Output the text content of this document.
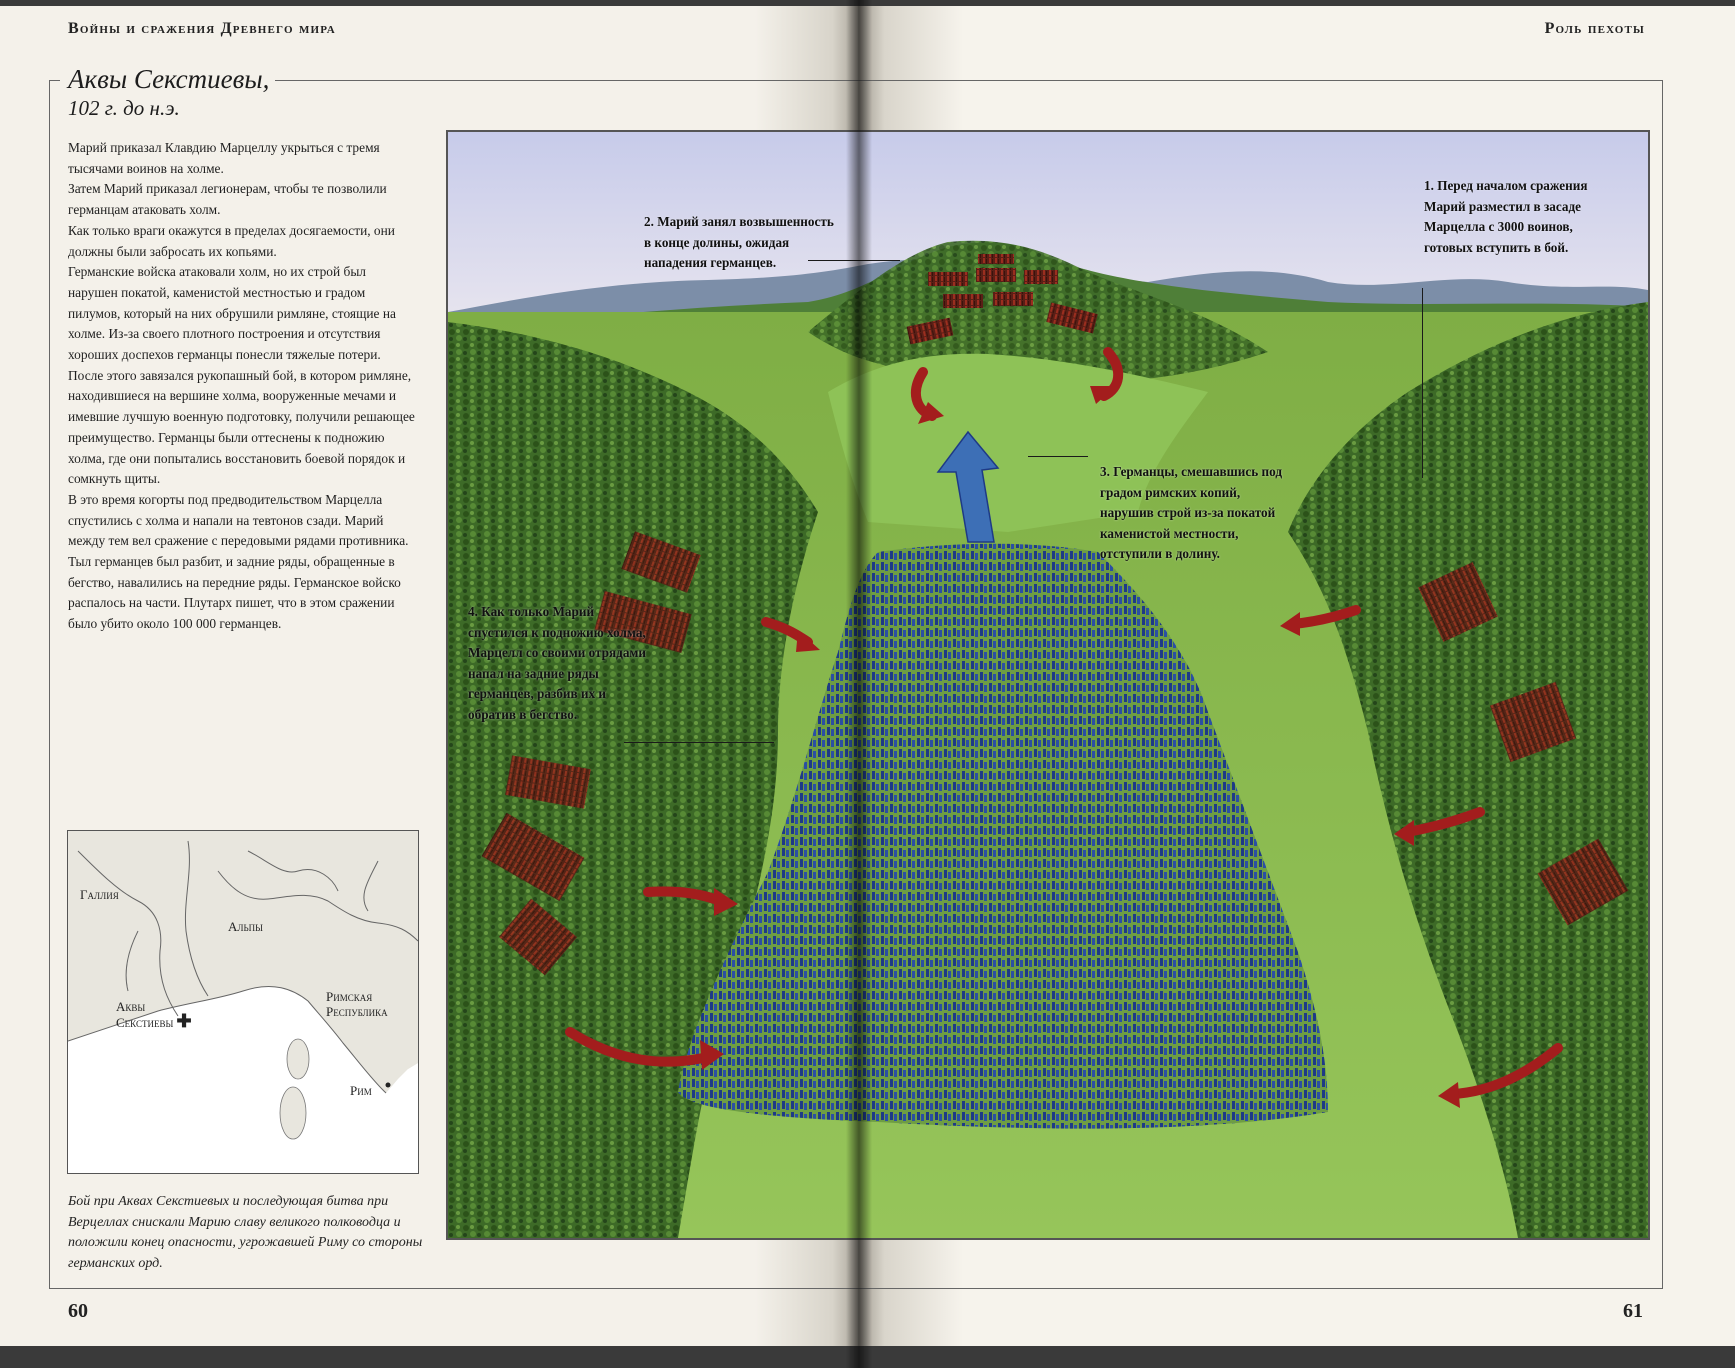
Войны и сражения Древнего мира	Роль пехоты
Аквы Секстиевы,
102 г. до н.э.

Марий приказал Клавдию Марцеллу укрыться с тремя тысячами воинов на холме.

Затем Марий приказал легионерам, чтобы те позволили германцам атаковать холм.

Как только враги окажутся в пределах досягаемости, они должны были забросать их копьями.

Германские войска атаковали холм, но их строй был нарушен покатой, каменистой местностью и градом пилумов, который на них обрушили римляне, стоящие на холме. Из-за своего плотного построения и отсутствия хороших доспехов германцы понесли тяжелые потери. После этого завязался рукопашный бой, в котором римляне, находившиеся на вершине холма, вооруженные мечами и имевшие лучшую военную подготовку, получили решающее преимущество. Германцы были оттеснены к подножию холма, где они попытались восстановить боевой порядок и сомкнуть щиты.

В это время когорты под предводительством Марцелла спустились с холма и напали на тевтонов сзади. Марий между тем вел сражение с передовыми рядами противника. Тыл германцев был разбит, и задние ряды, обращенные в бегство, навалились на передние ряды. Германское войско распалось на части. Плутарх пишет, что в этом сражении было убито около 100 000 германцев.

Галлия
Альпы
Аквы
Секстиевы ✚
Римская
Республика
Рим
Бой при Аквах Секстиевых и последующая битва при Верцеллах снискали Марию славу великого полководца и положили конец опасности, угрожавшей Риму со стороны германских орд.
2. Марий занял возвышенность в конце долины, ожидая нападения германцев.
1. Перед началом сражения Марий разместил в засаде Марцелла с 3000 воинов, готовых вступить в бой.
3. Германцы, смешавшись под градом римских копий, нарушив строй из-за покатой каменистой местности, отступили в долину.
4. Как только Марий спустился к подножию холма, Марцелл со своими отрядами напал на задние ряды германцев, разбив их и обратив в бегство.
60	61
